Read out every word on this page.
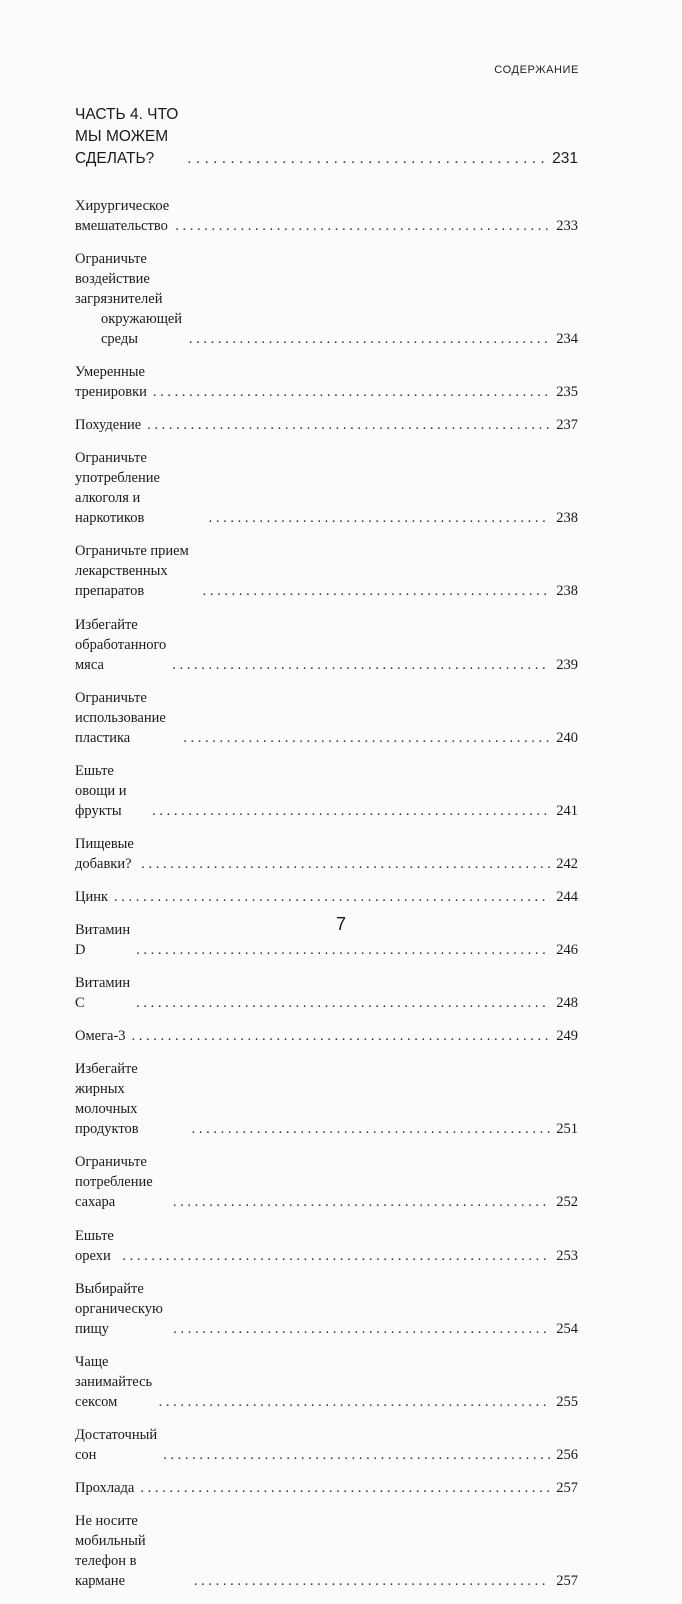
СОДЕРЖАНИЕ
ЧАСТЬ 4. ЧТО МЫ МОЖЕМ СДЕЛАТЬ? . . .	231
Хирургическое вмешательство . . .	233
Ограничьте воздействие загрязнителей
окружающей среды . . .	234
Умеренные тренировки . . .	235
Похудение . . .	237
Ограничьте употребление алкоголя и наркотиков . . .	238
Ограничьте прием лекарственных препаратов . . .	238
Избегайте обработанного мяса . . .	239
Ограничьте использование пластика . . .	240
Ешьте овощи и фрукты . . .	241
Пищевые добавки? . . .	242
Цинк . . .	244
Витамин D . . .	246
Витамин С . . .	248
Омега-3 . . .	249
Избегайте жирных молочных продуктов . . .	251
Ограничьте потребление сахара . . .	252
Ешьте орехи . . .	253
Выбирайте органическую пищу . . .	254
Чаще занимайтесь сексом . . .	255
Достаточный сон . . .	256
Прохлада . . .	257
Не носите мобильный телефон в кармане . . .	257
7
